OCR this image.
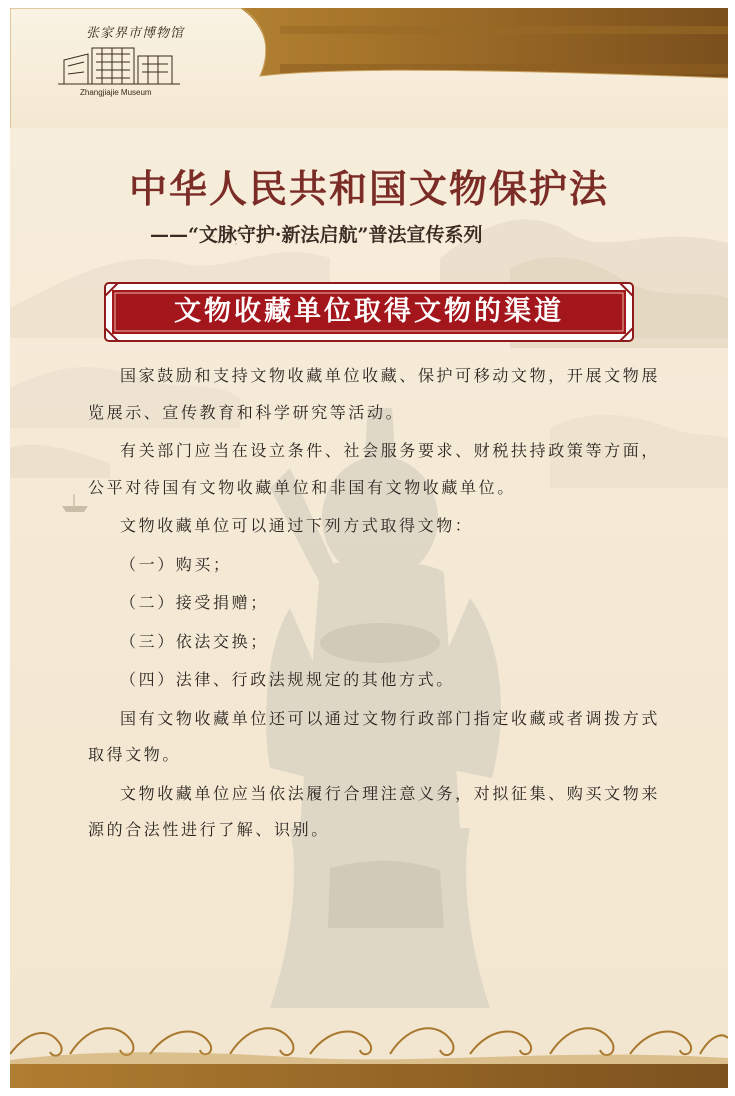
张家界市博物馆
Zhangjiajie Museum
中华人民共和国文物保护法
——“文脉守护·新法启航”普法宣传系列
文物收藏单位取得文物的渠道

国家鼓励和支持文物收藏单位收藏、保护可移动文物，开展文物展览展示、宣传教育和科学研究等活动。

有关部门应当在设立条件、社会服务要求、财税扶持政策等方面，公平对待国有文物收藏单位和非国有文物收藏单位。

文物收藏单位可以通过下列方式取得文物：

（一）购买；

（二）接受捐赠；

（三）依法交换；

（四）法律、行政法规规定的其他方式。

国有文物收藏单位还可以通过文物行政部门指定收藏或者调拨方式取得文物。

文物收藏单位应当依法履行合理注意义务，对拟征集、购买文物来源的合法性进行了解、识别。
